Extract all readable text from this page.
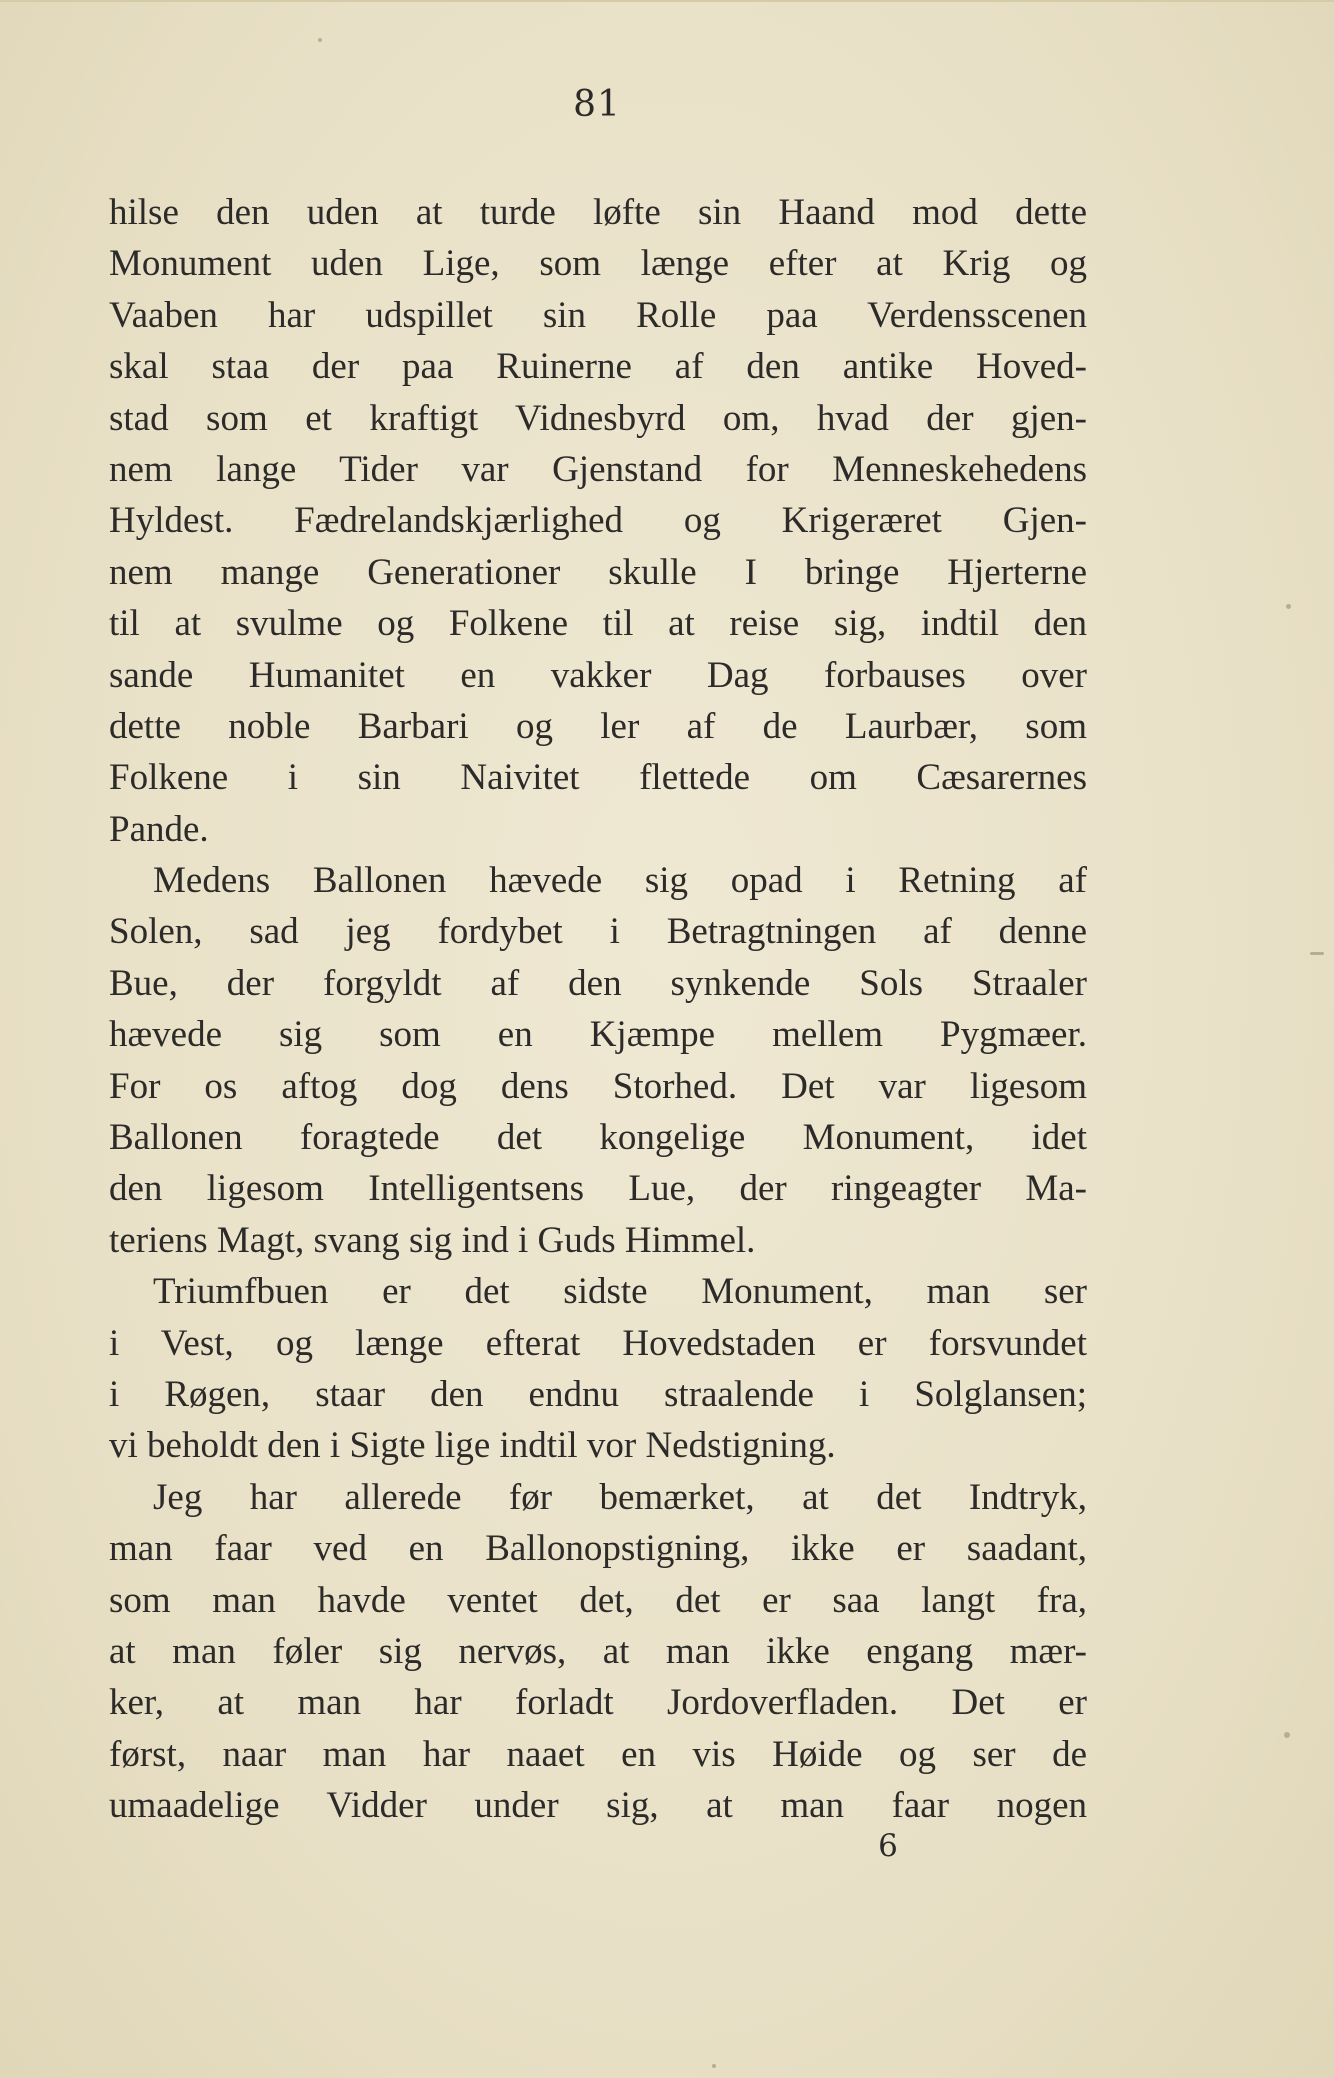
81
hilse den uden at turde løfte sin Haand mod dette
Monument uden Lige, som længe efter at Krig og
Vaaben har udspillet sin Rolle paa Verdensscenen
skal staa der paa Ruinerne af den antike Hoved-
stad som et kraftigt Vidnesbyrd om, hvad der gjen-
nem lange Tider var Gjenstand for Menneskehedens
Hyldest. Fædrelandskjærlighed og Krigeræret Gjen-
nem mange Generationer skulle I bringe Hjerterne
til at svulme og Folkene til at reise sig, indtil den
sande Humanitet en vakker Dag forbauses over
dette noble Barbari og ler af de Laurbær, som
Folkene i sin Naivitet flettede om Cæsarernes
Pande.
Medens Ballonen hævede sig opad i Retning af
Solen, sad jeg fordybet i Betragtningen af denne
Bue, der forgyldt af den synkende Sols Straaler
hævede sig som en Kjæmpe mellem Pygmæer.
For os aftog dog dens Storhed. Det var ligesom
Ballonen foragtede det kongelige Monument, idet
den ligesom Intelligentsens Lue, der ringeagter Ma-
teriens Magt, svang sig ind i Guds Himmel.
Triumfbuen er det sidste Monument, man ser
i Vest, og længe efterat Hovedstaden er forsvundet
i Røgen, staar den endnu straalende i Solglansen;
vi beholdt den i Sigte lige indtil vor Nedstigning.
Jeg har allerede før bemærket, at det Indtryk,
man faar ved en Ballonopstigning, ikke er saadant,
som man havde ventet det, det er saa langt fra,
at man føler sig nervøs, at man ikke engang mær-
ker, at man har forladt Jordoverfladen. Det er
først, naar man har naaet en vis Høide og ser de
umaadelige Vidder under sig, at man faar nogen
6
